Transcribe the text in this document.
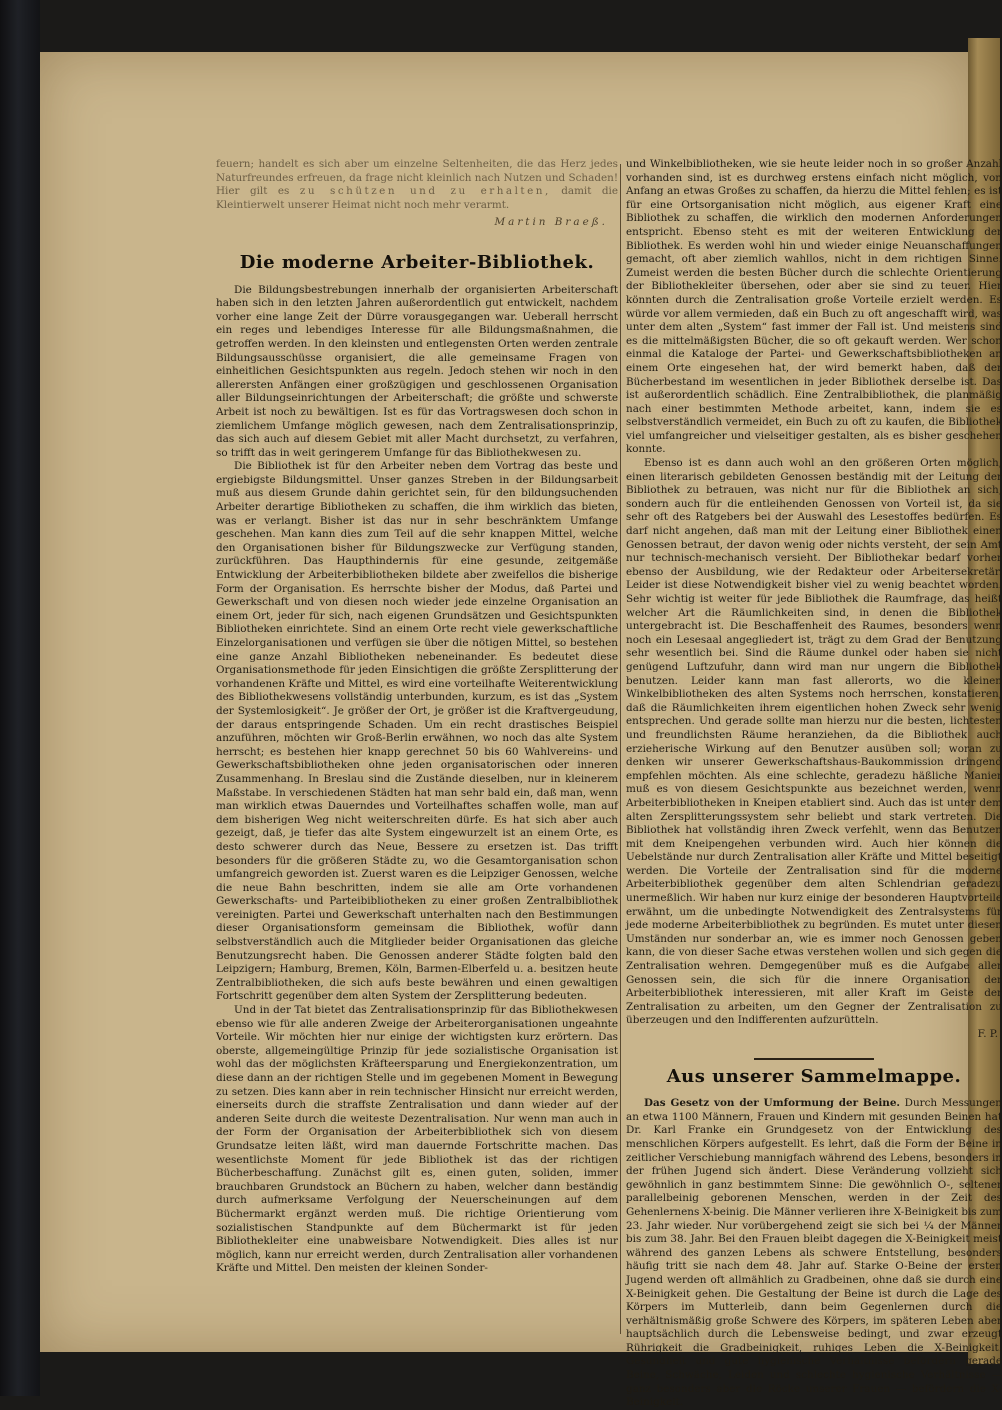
feuern; handelt es sich aber um einzelne Seltenheiten, die das Herz jedes Naturfreundes erfreuen, da frage nicht kleinlich nach Nutzen und Schaden! Hier gilt es zu schützen und zu erhalten, damit die Kleintierwelt unserer Heimat nicht noch mehr verarmt.

Martin Braeß.
Die moderne Arbeiter-Bibliothek.

Die Bildungsbestrebungen innerhalb der organisierten Arbeiterschaft haben sich in den letzten Jahren außerordentlich gut entwickelt, nachdem vorher eine lange Zeit der Dürre vorausgegangen war. Ueberall herrscht ein reges und lebendiges Interesse für alle Bildungsmaßnahmen, die getroffen werden. In den kleinsten und entlegensten Orten werden zentrale Bildungsausschüsse organisiert, die alle gemeinsame Fragen von einheitlichen Gesichtspunkten aus regeln. Jedoch stehen wir noch in den allerersten Anfängen einer großzügigen und geschlossenen Organisation aller Bildungseinrichtungen der Arbeiterschaft; die größte und schwerste Arbeit ist noch zu bewältigen. Ist es für das Vortragswesen doch schon in ziemlichem Umfange möglich gewesen, nach dem Zentralisationsprinzip, das sich auch auf diesem Gebiet mit aller Macht durchsetzt, zu verfahren, so trifft das in weit geringerem Umfange für das Bibliothekwesen zu.

Die Bibliothek ist für den Arbeiter neben dem Vortrag das beste und ergiebigste Bildungsmittel. Unser ganzes Streben in der Bildungsarbeit muß aus diesem Grunde dahin gerichtet sein, für den bildungsuchenden Arbeiter derartige Bibliotheken zu schaffen, die ihm wirklich das bieten, was er verlangt. Bisher ist das nur in sehr beschränktem Umfange geschehen. Man kann dies zum Teil auf die sehr knappen Mittel, welche den Organisationen bisher für Bildungszwecke zur Verfügung standen, zurückführen. Das Haupthindernis für eine gesunde, zeitgemäße Entwicklung der Arbeiterbibliotheken bildete aber zweifellos die bisherige Form der Organisation. Es herrschte bisher der Modus, daß Partei und Gewerkschaft und von diesen noch wieder jede einzelne Organisation an einem Ort, jeder für sich, nach eigenen Grundsätzen und Gesichtspunkten Bibliotheken einrichtete. Sind an einem Orte recht viele gewerkschaftliche Einzelorganisationen und verfügen sie über die nötigen Mittel, so bestehen eine ganze Anzahl Bibliotheken nebeneinander. Es bedeutet diese Organisationsmethode für jeden Einsichtigen die größte Zersplitterung der vorhandenen Kräfte und Mittel, es wird eine vorteilhafte Weiterentwicklung des Bibliothekwesens vollständig unterbunden, kurzum, es ist das „System der Systemlosigkeit“. Je größer der Ort, je größer ist die Kraftvergeudung, der daraus entspringende Schaden. Um ein recht drastisches Beispiel anzuführen, möchten wir Groß-Berlin erwähnen, wo noch das alte System herrscht; es bestehen hier knapp gerechnet 50 bis 60 Wahlvereins- und Gewerkschaftsbibliotheken ohne jeden organisatorischen oder inneren Zusammenhang. In Breslau sind die Zustände dieselben, nur in kleinerem Maßstabe. In verschiedenen Städten hat man sehr bald ein, daß man, wenn man wirklich etwas Dauerndes und Vorteilhaftes schaffen wolle, man auf dem bisherigen Weg nicht weiterschreiten dürfe. Es hat sich aber auch gezeigt, daß, je tiefer das alte System eingewurzelt ist an einem Orte, es desto schwerer durch das Neue, Bessere zu ersetzen ist. Das trifft besonders für die größeren Städte zu, wo die Gesamtorganisation schon umfangreich geworden ist. Zuerst waren es die Leipziger Genossen, welche die neue Bahn beschritten, indem sie alle am Orte vorhandenen Gewerkschafts- und Parteibibliotheken zu einer großen Zentralbibliothek vereinigten. Partei und Gewerkschaft unterhalten nach den Bestimmungen dieser Organisationsform gemeinsam die Bibliothek, wofür dann selbstverständlich auch die Mitglieder beider Organisationen das gleiche Benutzungsrecht haben. Die Genossen anderer Städte folgten bald den Leipzigern; Hamburg, Bremen, Köln, Barmen-Elberfeld u. a. besitzen heute Zentralbibliotheken, die sich aufs beste bewähren und einen gewaltigen Fortschritt gegenüber dem alten System der Zersplitterung bedeuten.

Und in der Tat bietet das Zentralisationsprinzip für das Bibliothekwesen ebenso wie für alle anderen Zweige der Arbeiterorganisationen ungeahnte Vorteile. Wir möchten hier nur einige der wichtigsten kurz erörtern. Das oberste, allgemeingültige Prinzip für jede sozialistische Organisation ist wohl das der möglichsten Kräfteersparung und Energiekonzentration, um diese dann an der richtigen Stelle und im gegebenen Moment in Bewegung zu setzen. Dies kann aber in rein technischer Hinsicht nur erreicht werden, einerseits durch die straffste Zentralisation und dann wieder auf der anderen Seite durch die weiteste Dezentralisation. Nur wenn man auch in der Form der Organisation der Arbeiterbibliothek sich von diesem Grundsatze leiten läßt, wird man dauernde Fortschritte machen. Das wesentlichste Moment für jede Bibliothek ist das der richtigen Bücherbeschaffung. Zunächst gilt es, einen guten, soliden, immer brauchbaren Grundstock an Büchern zu haben, welcher dann beständig durch aufmerksame Verfolgung der Neuerscheinungen auf dem Büchermarkt ergänzt werden muß. Die richtige Orientierung vom sozialistischen Standpunkte auf dem Büchermarkt ist für jeden Bibliothekleiter eine unabweisbare Notwendigkeit. Dies alles ist nur möglich, kann nur erreicht werden, durch Zentralisation aller vorhandenen Kräfte und Mittel. Den meisten der kleinen Sonder-

und Winkelbibliotheken, wie sie heute leider noch in so großer Anzahl vorhanden sind, ist es durchweg erstens einfach nicht möglich, von Anfang an etwas Großes zu schaffen, da hierzu die Mittel fehlen; es ist für eine Ortsorganisation nicht möglich, aus eigener Kraft eine Bibliothek zu schaffen, die wirklich den modernen Anforderungen entspricht. Ebenso steht es mit der weiteren Entwicklung der Bibliothek. Es werden wohl hin und wieder einige Neuanschaffungen gemacht, oft aber ziemlich wahllos, nicht in dem richtigen Sinne. Zumeist werden die besten Bücher durch die schlechte Orientierung der Bibliothekleiter übersehen, oder aber sie sind zu teuer. Hier könnten durch die Zentralisation große Vorteile erzielt werden. Es würde vor allem vermieden, daß ein Buch zu oft angeschafft wird, was unter dem alten „System“ fast immer der Fall ist. Und meistens sind es die mittelmäßigsten Bücher, die so oft gekauft werden. Wer schon einmal die Kataloge der Partei- und Gewerkschaftsbibliotheken an einem Orte eingesehen hat, der wird bemerkt haben, daß der Bücherbestand im wesentlichen in jeder Bibliothek derselbe ist. Das ist außerordentlich schädlich. Eine Zentralbibliothek, die planmäßig nach einer bestimmten Methode arbeitet, kann, indem sie es selbstverständlich vermeidet, ein Buch zu oft zu kaufen, die Bibliothek viel umfangreicher und vielseitiger gestalten, als es bisher geschehen konnte.

Ebenso ist es dann auch wohl an den größeren Orten möglich, einen literarisch gebildeten Genossen beständig mit der Leitung der Bibliothek zu betrauen, was nicht nur für die Bibliothek an sich, sondern auch für die entleihenden Genossen von Vorteil ist, da sie sehr oft des Ratgebers bei der Auswahl des Lesestoffes bedürfen. Es darf nicht angehen, daß man mit der Leitung einer Bibliothek einen Genossen betraut, der davon wenig oder nichts versteht, der sein Amt nur technisch-mechanisch versieht. Der Bibliothekar bedarf vorher ebenso der Ausbildung, wie der Redakteur oder Arbeitersekretär. Leider ist diese Notwendigkeit bisher viel zu wenig beachtet worden. Sehr wichtig ist weiter für jede Bibliothek die Raumfrage, das heißt welcher Art die Räumlichkeiten sind, in denen die Bibliothek untergebracht ist. Die Beschaffenheit des Raumes, besonders wenn noch ein Lesesaal angegliedert ist, trägt zu dem Grad der Benutzung sehr wesentlich bei. Sind die Räume dunkel oder haben sie nicht genügend Luftzufuhr, dann wird man nur ungern die Bibliothek benutzen. Leider kann man fast allerorts, wo die kleinen Winkelbibliotheken des alten Systems noch herrschen, konstatieren, daß die Räumlichkeiten ihrem eigentlichen hohen Zweck sehr wenig entsprechen. Und gerade sollte man hierzu nur die besten, lichtesten und freundlichsten Räume heranziehen, da die Bibliothek auch erzieherische Wirkung auf den Benutzer ausüben soll; woran zu denken wir unserer Gewerkschaftshaus-Baukommission dringend empfehlen möchten. Als eine schlechte, geradezu häßliche Manier muß es von diesem Gesichtspunkte aus bezeichnet werden, wenn Arbeiterbibliotheken in Kneipen etabliert sind. Auch das ist unter dem alten Zersplitterungssystem sehr beliebt und stark vertreten. Die Bibliothek hat vollständig ihren Zweck verfehlt, wenn das Benutzen mit dem Kneipengehen verbunden wird. Auch hier können die Uebelstände nur durch Zentralisation aller Kräfte und Mittel beseitigt werden. Die Vorteile der Zentralisation sind für die moderne Arbeiterbibliothek gegenüber dem alten Schlendrian geradezu unermeßlich. Wir haben nur kurz einige der besonderen Hauptvorteile erwähnt, um die unbedingte Notwendigkeit des Zentralsystems für jede moderne Arbeiterbibliothek zu begründen. Es mutet unter diesen Umständen nur sonderbar an, wie es immer noch Genossen geben kann, die von dieser Sache etwas verstehen wollen und sich gegen die Zentralisation wehren. Demgegenüber muß es die Aufgabe aller Genossen sein, die sich für die innere Organisation der Arbeiterbibliothek interessieren, mit aller Kraft im Geiste der Zentralisation zu arbeiten, um den Gegner der Zentralisation zu überzeugen und den Indifferenten aufzurütteln.

F. P.
Aus unserer Sammelmappe.

Das Gesetz von der Umformung der Beine. Durch Messungen an etwa 1100 Männern, Frauen und Kindern mit gesunden Beinen hat Dr. Karl Franke ein Grundgesetz von der Entwicklung des menschlichen Körpers aufgestellt. Es lehrt, daß die Form der Beine in zeitlicher Verschiebung mannigfach während des Lebens, besonders in der frühen Jugend sich ändert. Diese Veränderung vollzieht sich gewöhnlich in ganz bestimmtem Sinne: Die gewöhnlich O-, seltener parallelbeinig geborenen Menschen, werden in der Zeit des Gehenlernens X-beinig. Die Männer verlieren ihre X-Beinigkeit bis zum 23. Jahr wieder. Nur vorübergehend zeigt sie sich bei ¼ der Männer bis zum 38. Jahr. Bei den Frauen bleibt dagegen die X-Beinigkeit meist während des ganzen Lebens als schwere Entstellung, besonders häufig tritt sie nach dem 48. Jahr auf. Starke O-Beine der ersten Jugend werden oft allmählich zu Gradbeinen, ohne daß sie durch eine X-Beinigkeit gehen. Die Gestaltung der Beine ist durch die Lage des Körpers im Mutterleib, dann beim Gegenlernen durch die verhältnismäßig große Schwere des Körpers, im späteren Leben aber hauptsächlich durch die Lebensweise bedingt, und zwar erzeugt Rührigkeit die Gradbeinigkeit, ruhiges Leben die X-Beinigkeit. Gesundheit und gute hygienische Verhältnisse befördern gerade Beine, Schwäche, Leiden und schlechte hygienische Verhältnisse — ganz besonders aber die Röcke unserer Frauen — befördern die X-Beinigkeit.
